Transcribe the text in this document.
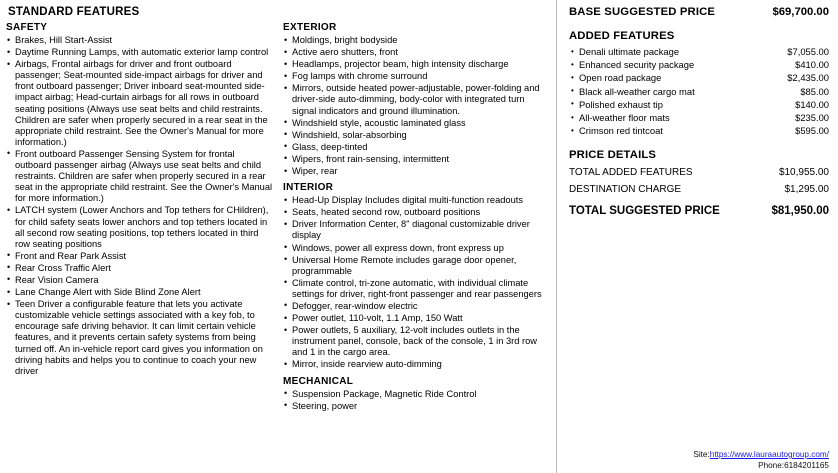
STANDARD FEATURES
SAFETY
• Brakes, Hill Start-Assist
• Daytime Running Lamps, with automatic exterior lamp control
• Airbags, Frontal airbags for driver and front outboard passenger; Seat-mounted side-impact airbags for driver and front outboard passenger; Driver inboard seat-mounted side-impact airbag; Head-curtain airbags for all rows in outboard seating positions (Always use seat belts and child restraints. Children are safer when properly secured in a rear seat in the appropriate child restraint. See the Owner's Manual for more information.)
• Front outboard Passenger Sensing System for frontal outboard passenger airbag (Always use seat belts and child restraints. Children are safer when properly secured in a rear seat in the appropriate child restraint. See the Owner's Manual for more information.)
• LATCH system (Lower Anchors and Top tethers for CHildren), for child safety seats lower anchors and top tethers located in all second row seating positions, top tethers located in third row seating positions
• Front and Rear Park Assist
• Rear Cross Traffic Alert
• Rear Vision Camera
• Lane Change Alert with Side Blind Zone Alert
• Teen Driver a configurable feature that lets you activate customizable vehicle settings associated with a key fob, to encourage safe driving behavior. It can limit certain vehicle features, and it prevents certain safety systems from being turned off. An in-vehicle report card gives you information on driving habits and helps you to continue to coach your new driver
EXTERIOR
• Moldings, bright bodyside
• Active aero shutters, front
• Headlamps, projector beam, high intensity discharge
• Fog lamps with chrome surround
• Mirrors, outside heated power-adjustable, power-folding and driver-side auto-dimming, body-color with integrated turn signal indicators and ground illumination.
• Windshield style, acoustic laminated glass
• Windshield, solar-absorbing
• Glass, deep-tinted
• Wipers, front rain-sensing, intermittent
• Wiper, rear
INTERIOR
• Head-Up Display Includes digital multi-function readouts
• Seats, heated second row, outboard positions
• Driver Information Center, 8" diagonal customizable driver display
• Windows, power all express down, front express up
• Universal Home Remote includes garage door opener, programmable
• Climate control, tri-zone automatic, with individual climate settings for driver, right-front passenger and rear passengers
• Defogger, rear-window electric
• Power outlet, 110-volt, 1.1 Amp, 150 Watt
• Power outlets, 5 auxiliary, 12-volt includes outlets in the instrument panel, console, back of the console, 1 in 3rd row and 1 in the cargo area.
• Mirror, inside rearview auto-dimming
MECHANICAL
• Suspension Package, Magnetic Ride Control
• Steering, power
BASE SUGGESTED PRICE	$69,700.00
ADDED FEATURES
• Denali ultimate package	$7,055.00
• Enhanced security package	$410.00
• Open road package	$2,435.00
• Black all-weather cargo mat	$85.00
• Polished exhaust tip	$140.00
• All-weather floor mats	$235.00
• Crimson red tintcoat	$595.00
PRICE DETAILS
TOTAL ADDED FEATURES	$10,955.00
DESTINATION CHARGE	$1,295.00
TOTAL SUGGESTED PRICE	$81,950.00
Site:https://www.lauraautogroup.com/
Phone:6184201165
